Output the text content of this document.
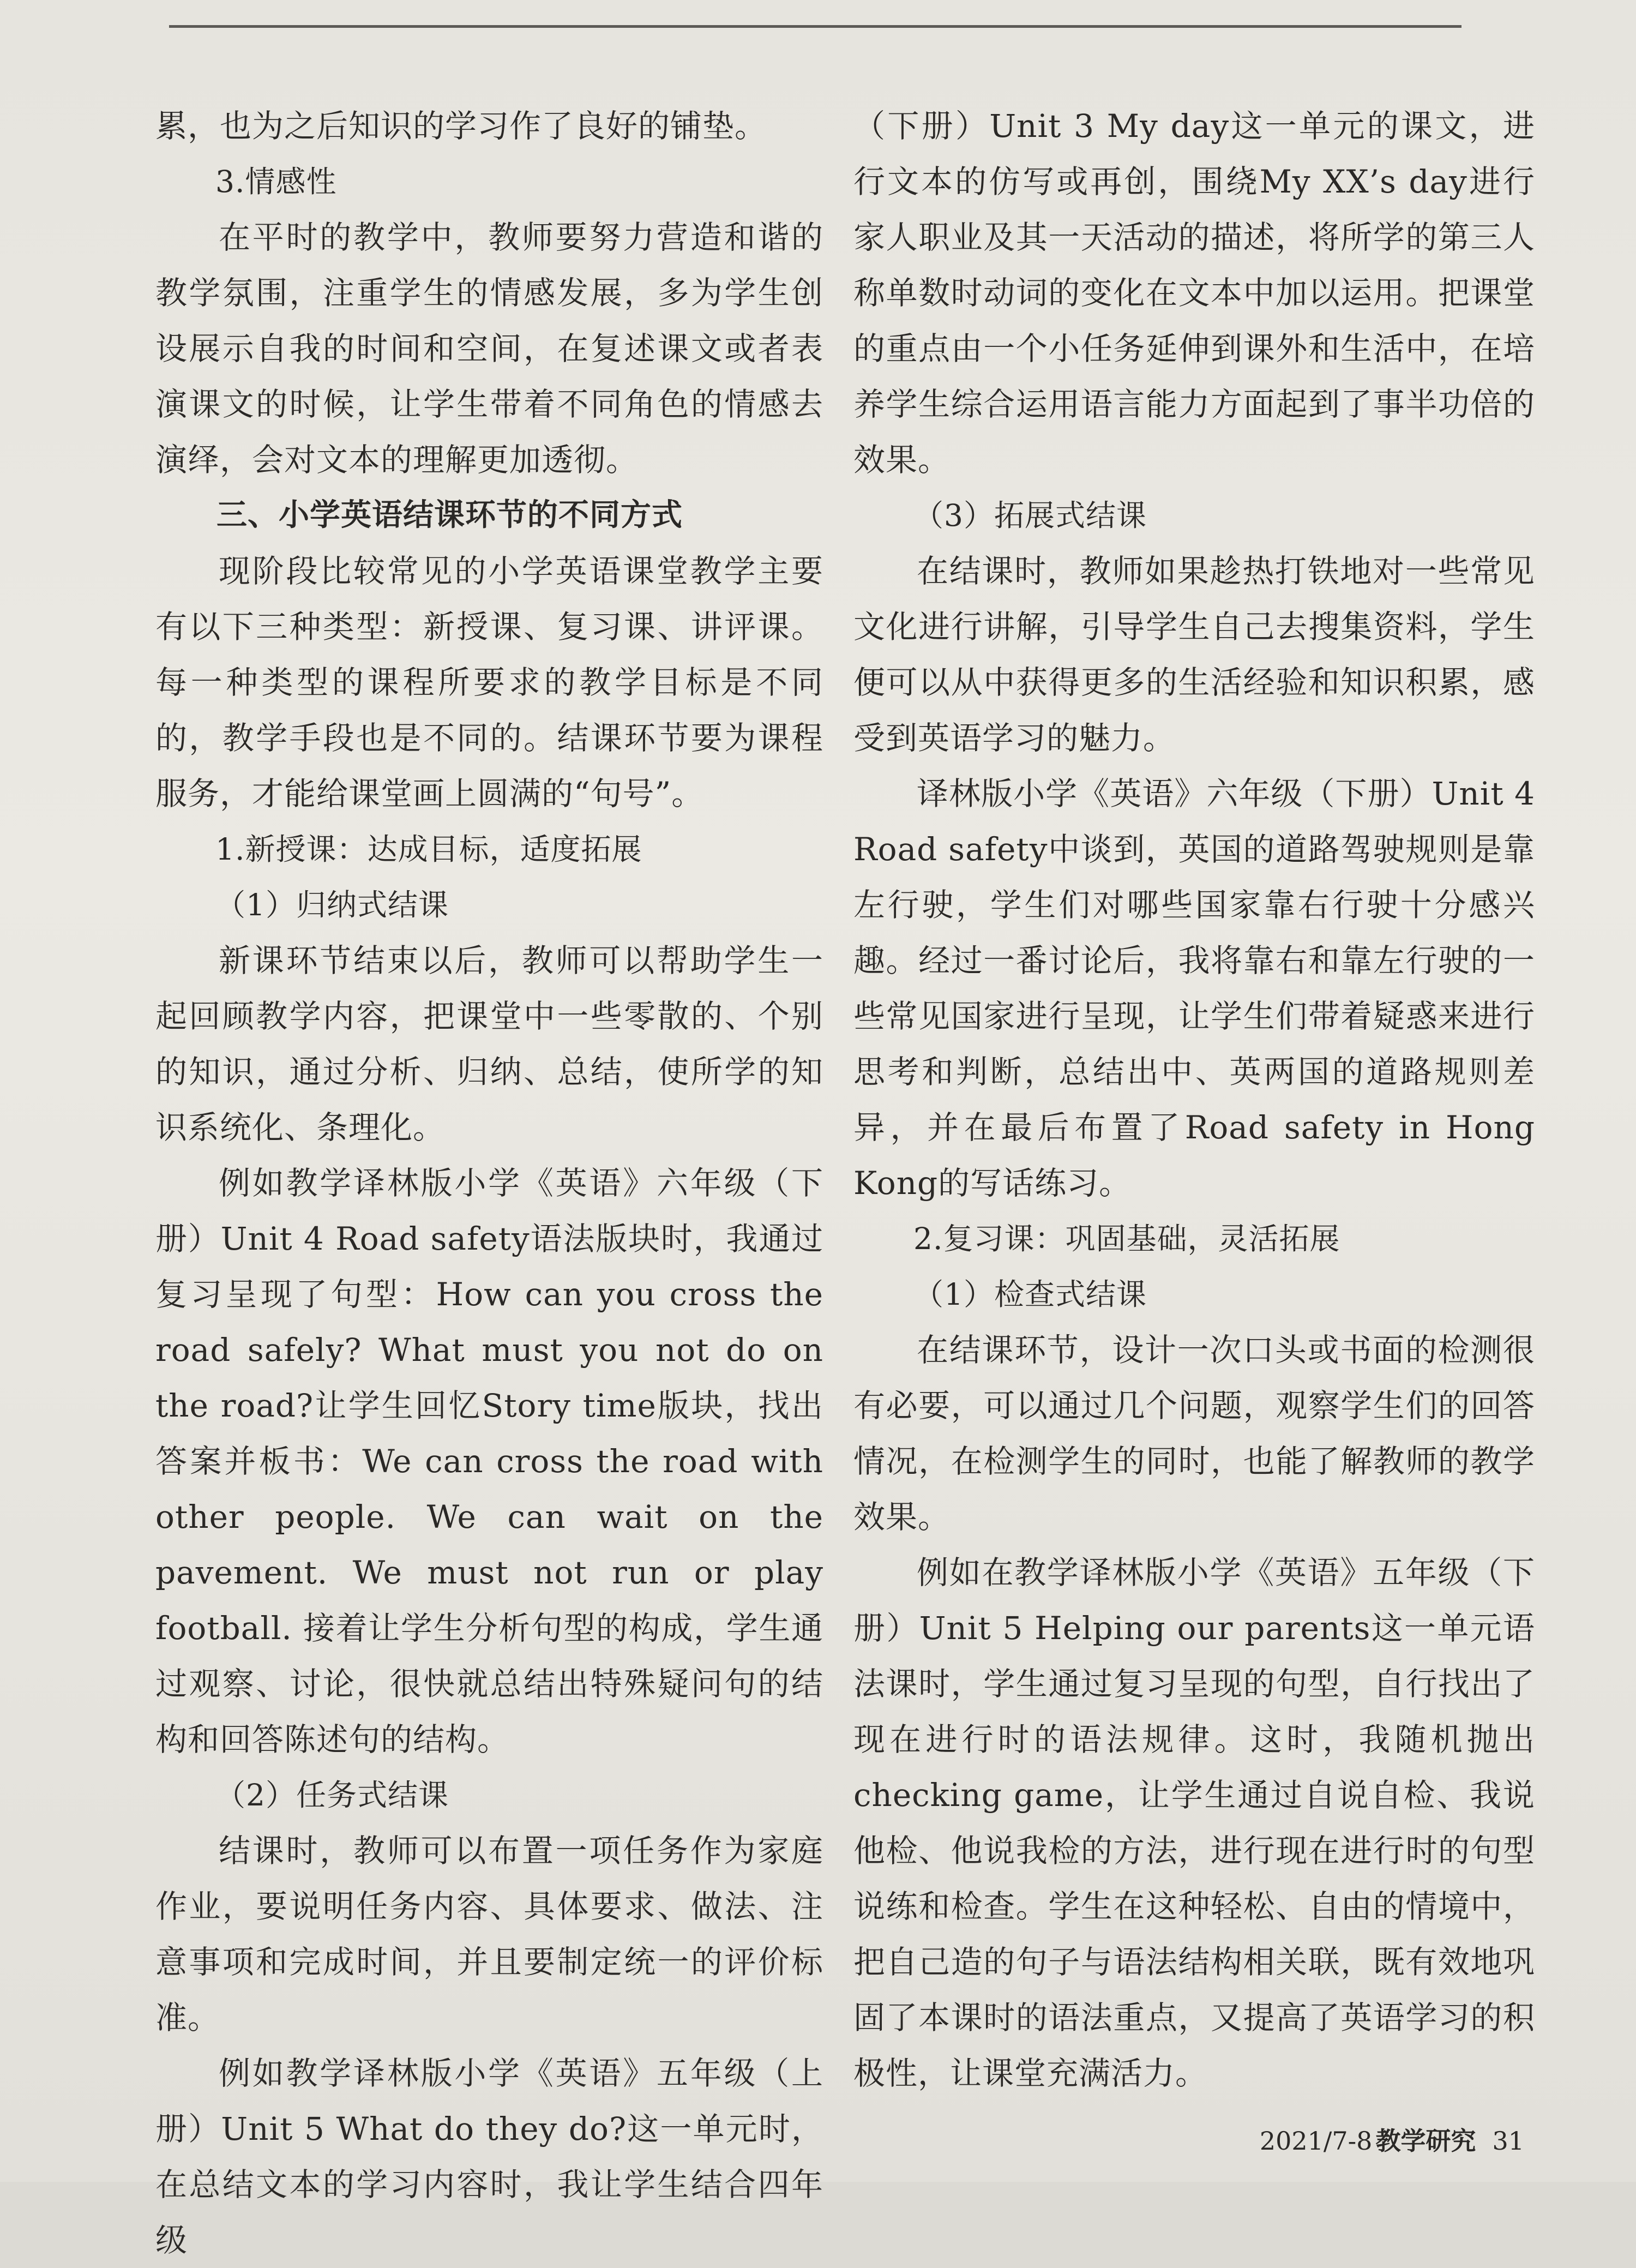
累，也为之后知识的学习作了良好的铺垫。

3.情感性

在平时的教学中，教师要努力营造和谐的教学氛围，注重学生的情感发展，多为学生创设展示自我的时间和空间，在复述课文或者表演课文的时候，让学生带着不同角色的情感去演绎，会对文本的理解更加透彻。

三、小学英语结课环节的不同方式

现阶段比较常见的小学英语课堂教学主要有以下三种类型：新授课、复习课、讲评课。每一种类型的课程所要求的教学目标是不同的，教学手段也是不同的。结课环节要为课程服务，才能给课堂画上圆满的“句号”。

1.新授课：达成目标，适度拓展

（1）归纳式结课

新课环节结束以后，教师可以帮助学生一起回顾教学内容，把课堂中一些零散的、个别的知识，通过分析、归纳、总结，使所学的知识系统化、条理化。

例如教学译林版小学《英语》六年级（下册）Unit 4 Road safety语法版块时，我通过复习呈现了句型：How can you cross the road safely? What must you not do on the road?让学生回忆Story time版块，找出答案并板书：We can cross the road with other people. We can wait on the pavement. We must not run or play football. 接着让学生分析句型的构成，学生通过观察、讨论，很快就总结出特殊疑问句的结构和回答陈述句的结构。

（2）任务式结课

结课时，教师可以布置一项任务作为家庭作业，要说明任务内容、具体要求、做法、注意事项和完成时间，并且要制定统一的评价标准。

例如教学译林版小学《英语》五年级（上册）Unit 5 What do they do?这一单元时，在总结文本的学习内容时，我让学生结合四年级

（下册）Unit 3 My day这一单元的课文，进行文本的仿写或再创，围绕My XX’s day进行家人职业及其一天活动的描述，将所学的第三人称单数时动词的变化在文本中加以运用。把课堂的重点由一个小任务延伸到课外和生活中，在培养学生综合运用语言能力方面起到了事半功倍的效果。

（3）拓展式结课

在结课时，教师如果趁热打铁地对一些常见文化进行讲解，引导学生自己去搜集资料，学生便可以从中获得更多的生活经验和知识积累，感受到英语学习的魅力。

译林版小学《英语》六年级（下册）Unit 4 Road safety中谈到，英国的道路驾驶规则是靠左行驶，学生们对哪些国家靠右行驶十分感兴趣。经过一番讨论后，我将靠右和靠左行驶的一些常见国家进行呈现，让学生们带着疑惑来进行思考和判断，总结出中、英两国的道路规则差异，并在最后布置了Road safety in Hong Kong的写话练习。

2.复习课：巩固基础，灵活拓展

（1）检查式结课

在结课环节，设计一次口头或书面的检测很有必要，可以通过几个问题，观察学生们的回答情况，在检测学生的同时，也能了解教师的教学效果。

例如在教学译林版小学《英语》五年级（下册）Unit 5 Helping our parents这一单元语法课时，学生通过复习呈现的句型，自行找出了现在进行时的语法规律。这时，我随机抛出checking game，让学生通过自说自检、我说他检、他说我检的方法，进行现在进行时的句型说练和检查。学生在这种轻松、自由的情境中，把自己造的句子与语法结构相关联，既有效地巩固了本课时的语法重点，又提高了英语学习的积极性，让课堂充满活力。

2021/7-8 教学研究 31
